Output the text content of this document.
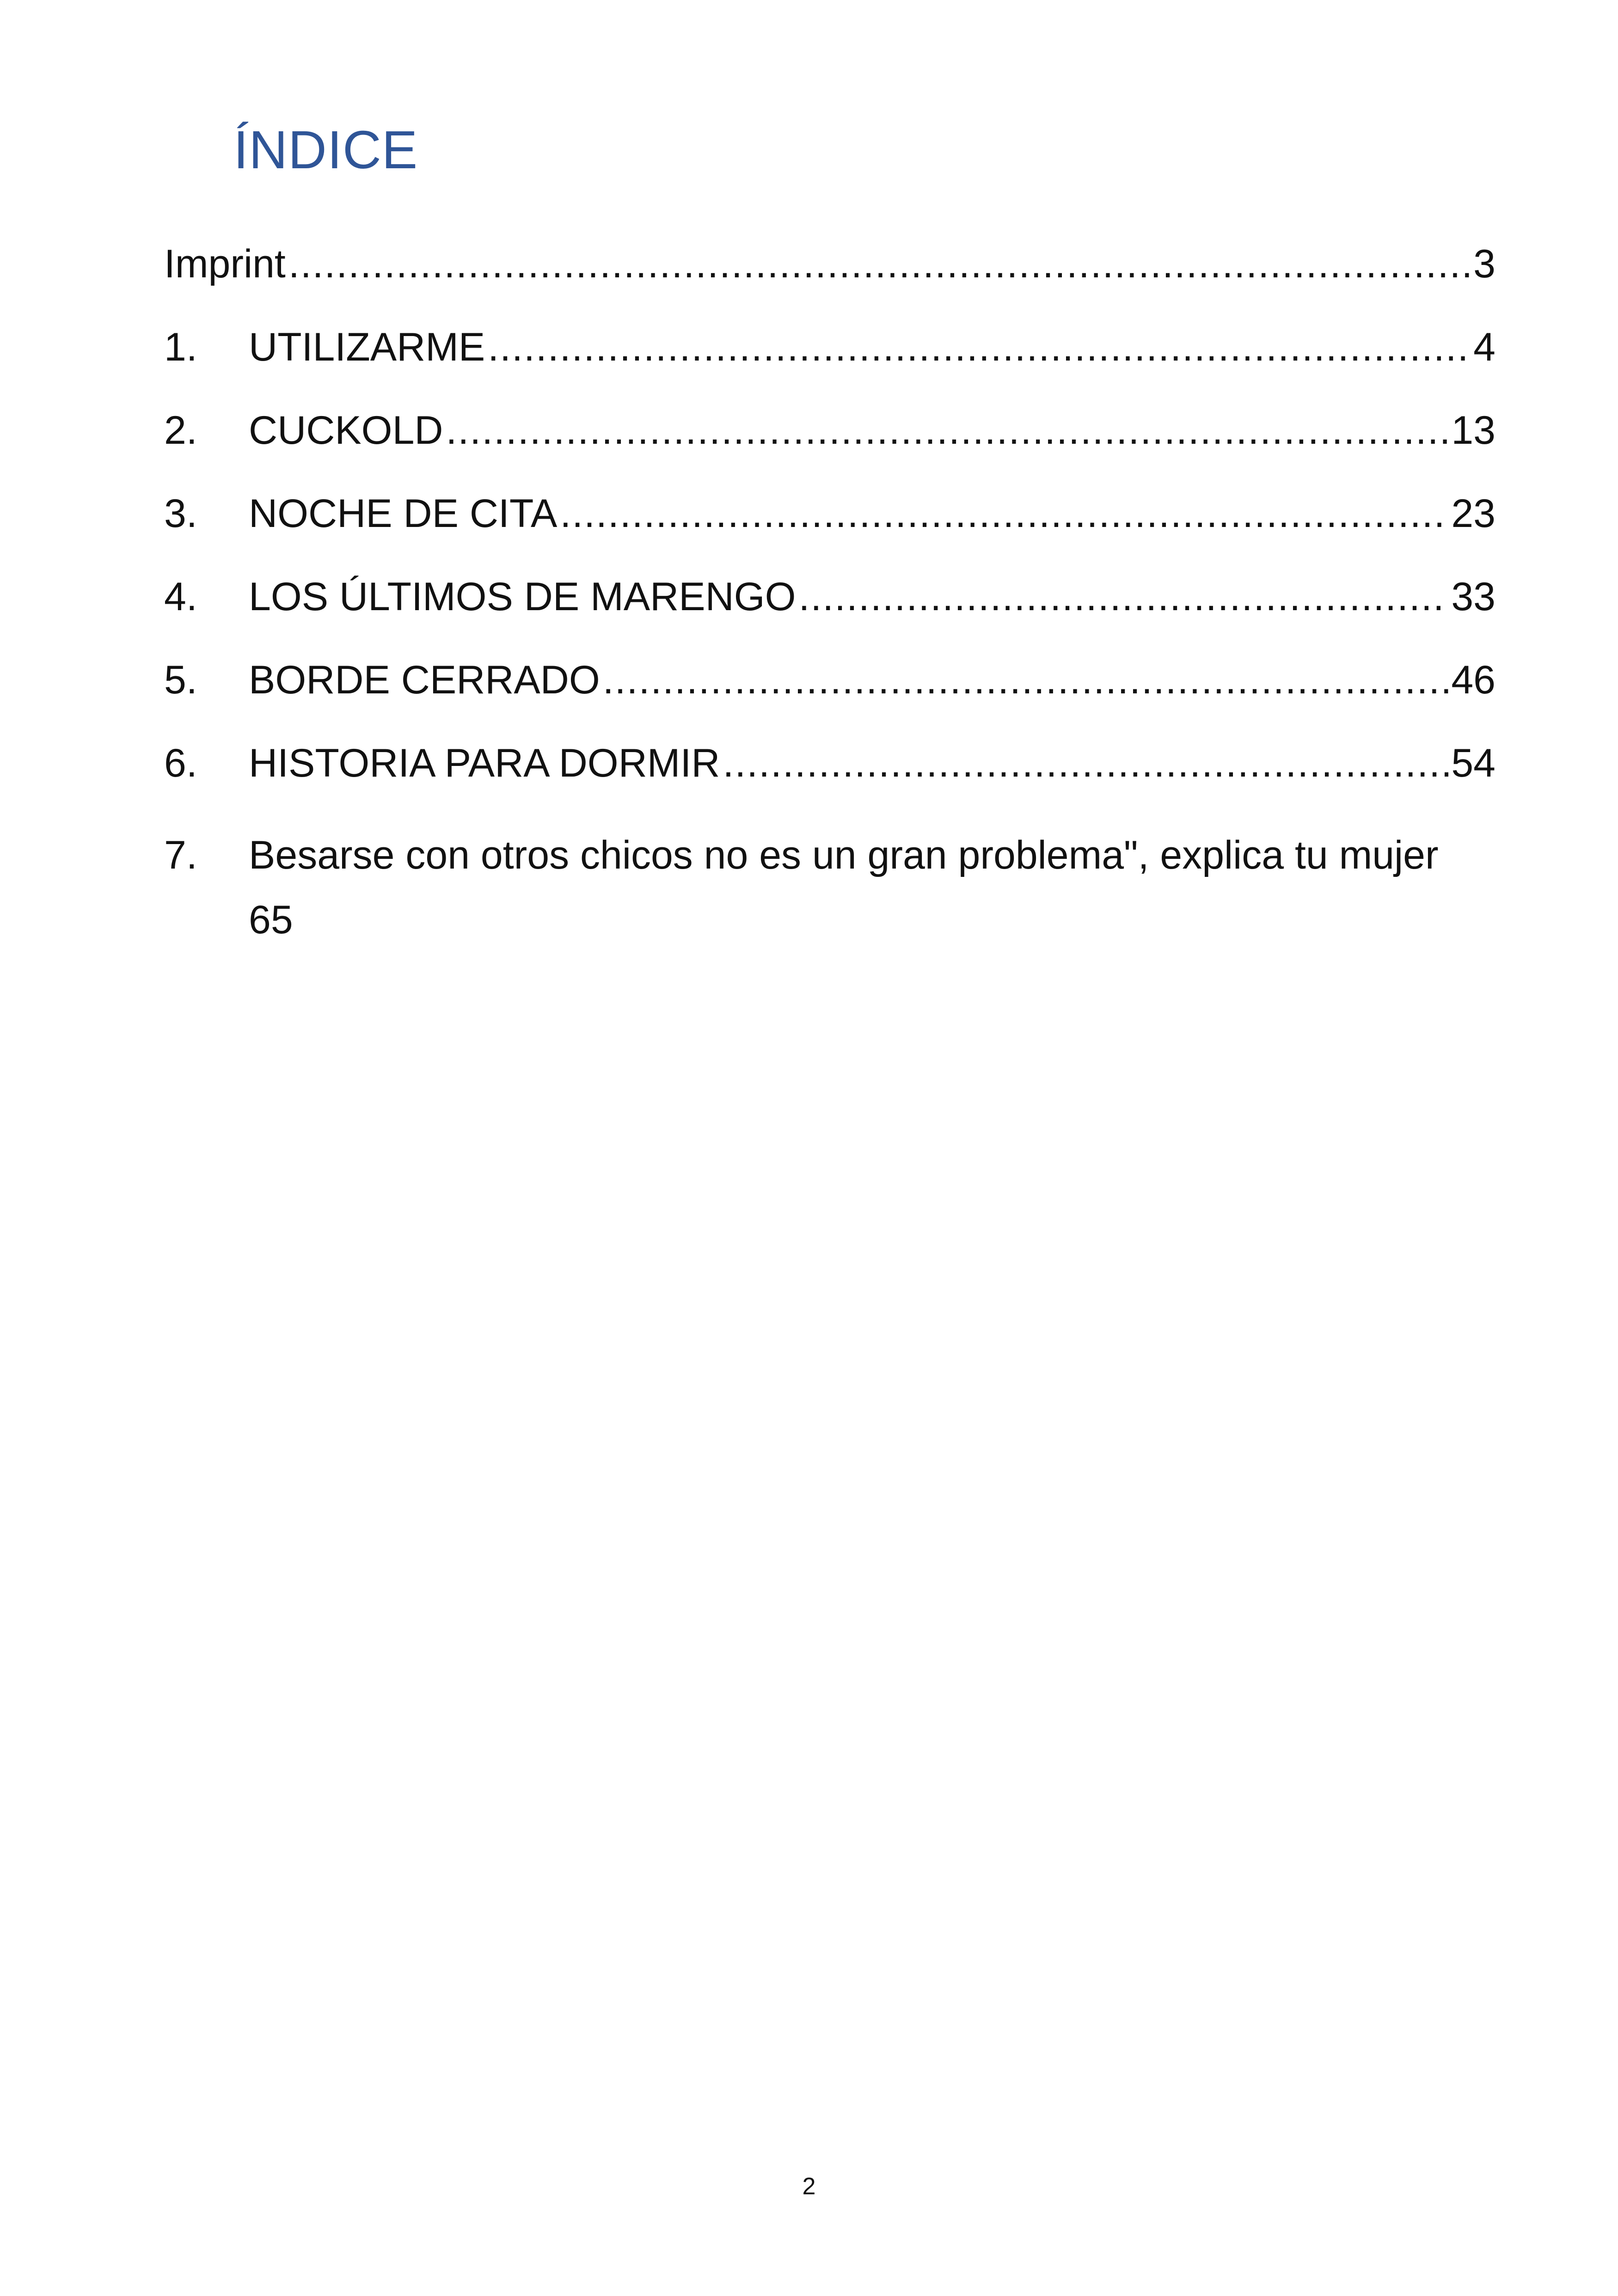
ÍNDICE
Imprint .....	3
1.	UTILIZARME .....	4
2.	CUCKOLD .....	13
3.	NOCHE DE CITA .....	23
4.	LOS ÚLTIMOS DE MARENGO .....	33
5.	BORDE CERRADO .....	46
6.	HISTORIA PARA DORMIR .....	54
7.	Besarse con otros chicos no es un gran problema", explica tu mujer
65
2
